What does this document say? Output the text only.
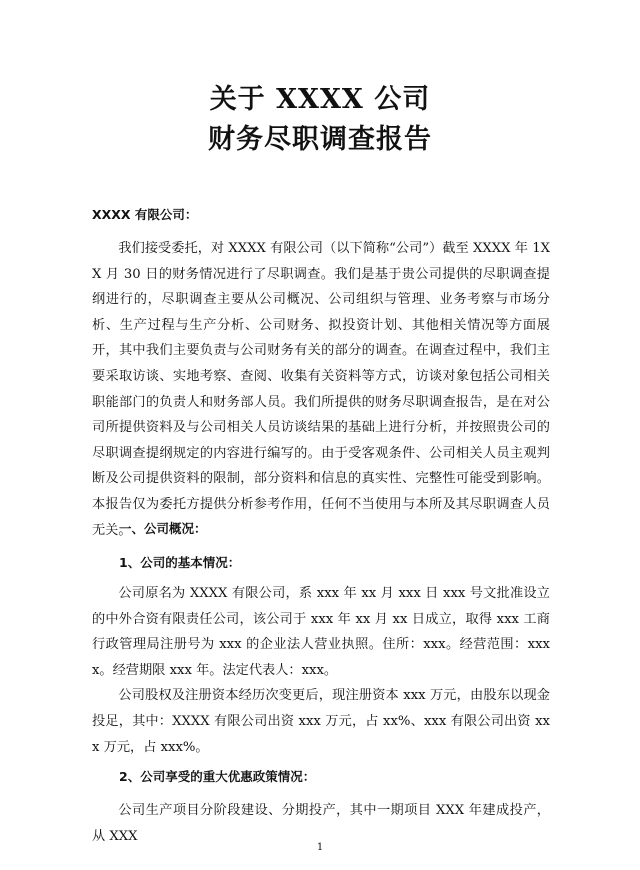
关于 XXXX 公司
财务尽职调查报告
XXXX 有限公司：

我们接受委托，对 XXXX 有限公司（以下简称“公司”）截至 XXXX 年 1XX 月 30 日的财务情况进行了尽职调查。我们是基于贵公司提供的尽职调查提纲进行的，尽职调查主要从公司概况、公司组织与管理、业务考察与市场分析、生产过程与生产分析、公司财务、拟投资计划、其他相关情况等方面展开，其中我们主要负责与公司财务有关的部分的调查。在调查过程中，我们主要采取访谈、实地考察、查阅、收集有关资料等方式，访谈对象包括公司相关职能部门的负责人和财务部人员。我们所提供的财务尽职调查报告，是在对公司所提供资料及与公司相关人员访谈结果的基础上进行分析，并按照贵公司的尽职调查提纲规定的内容进行编写的。由于受客观条件、公司相关人员主观判断及公司提供资料的限制，部分资料和信息的真实性、完整性可能受到影响。本报告仅为委托方提供分析参考作用，任何不当使用与本所及其尽职调查人员无关。

一、公司概况：
1、公司的基本情况：

公司原名为 XXXX 有限公司，系 xxx 年 xx 月 xxx 日 xxx 号文批准设立的中外合资有限责任公司，该公司于 xxx 年 xx 月 xx 日成立，取得 xxx 工商行政管理局注册号为 xxx 的企业法人营业执照。住所：xxx。经营范围：xxxx。经营期限 xxx 年。法定代表人：xxx。

公司股权及注册资本经历次变更后，现注册资本 xxx 万元，由股东以现金投足，其中：XXXX 有限公司出资 xxx 万元，占 xx%、xxx 有限公司出资 xxx 万元，占 xxx%。

2、公司享受的重大优惠政策情况：

公司生产项目分阶段建设、分期投产，其中一期项目 XXX 年建成投产，从 XXX

1
